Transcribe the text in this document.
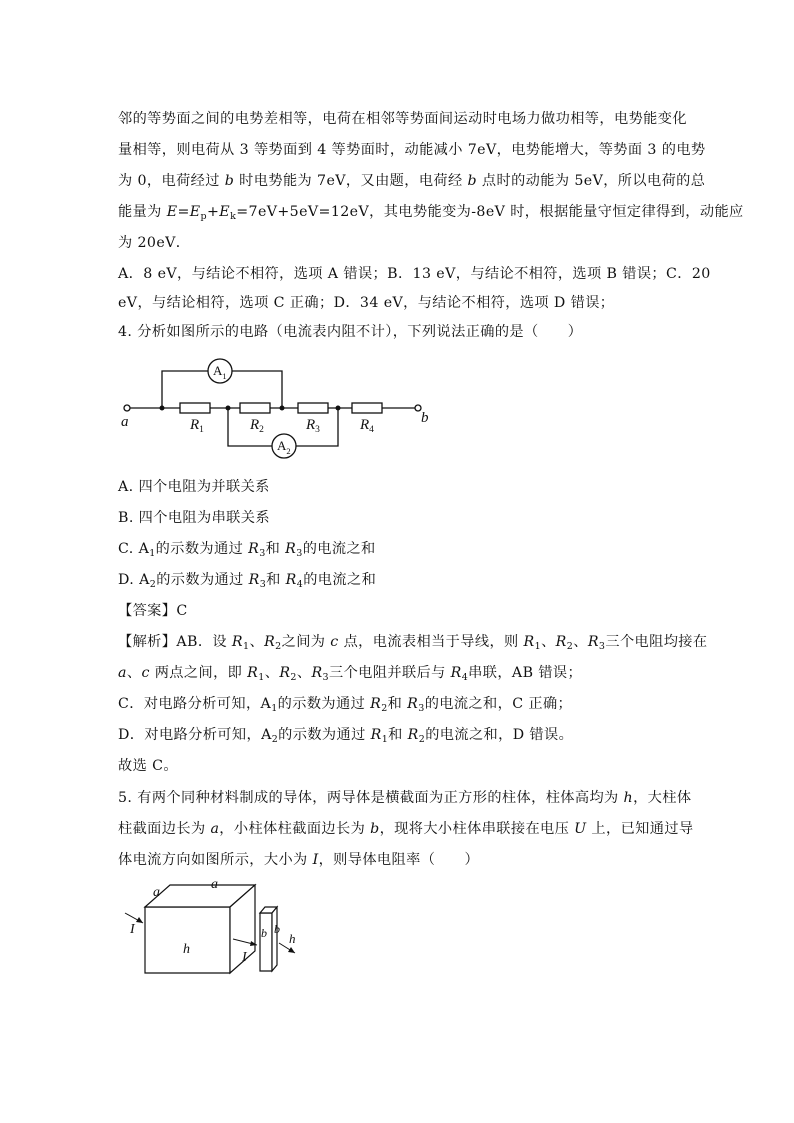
邻的等势面之间的电势差相等，电荷在相邻等势面间运动时电场力做功相等，电势能变化
量相等，则电荷从 3 等势面到 4 等势面时，动能减小 7eV，电势能增大，等势面 3 的电势
为 0，电荷经过 b 时电势能为 7eV，又由题，电荷经 b 点时的动能为 5eV，所以电荷的总
能量为 $E=E_p+E_k=7eV+5eV=12eV$，其电势能变为-8eV 时，根据能量守恒定律得到，动能应
为 20eV．
A．8 eV，与结论不相符，选项 A 错误；B．13 eV，与结论不相符，选项 B 错误；C．20
eV，与结论相符，选项 C 正确；D．34 eV，与结论不相符，选项 D 错误；
4. 分析如图所示的电路（电流表内阻不计），下列说法正确的是（　　）
a	b
$R_1$	$R_2$	$R_3$	$R_4$
$A_1$
$A_2$
A. 四个电阻为并联关系
B. 四个电阻为串联关系
C. $A_1$的示数为通过 $R_3$和 $R_3$的电流之和
D. $A_2$的示数为通过 $R_3$和 $R_4$的电流之和
【答案】C
【解析】AB．设 $R_1$、$R_2$之间为 c 点，电流表相当于导线，则 $R_1$、$R_2$、$R_3$三个电阻均接在
a、c 两点之间，即 $R_1$、$R_2$、$R_3$三个电阻并联后与 $R_4$串联，AB 错误；
C．对电路分析可知，$A_1$的示数为通过 $R_2$和 $R_3$的电流之和，C 正确；
D．对电路分析可知，$A_2$的示数为通过 $R_1$和 $R_2$的电流之和，D 错误。
故选 C。
5. 有两个同种材料制成的导体，两导体是横截面为正方形的柱体，柱体高均为 h，大柱体
柱截面边长为 a，小柱体柱截面边长为 b，现将大小柱体串联接在电压 U 上，已知通过导
体电流方向如图所示，大小为 I，则导体电阻率（　　）
a
a
h
I
I
b b
h
